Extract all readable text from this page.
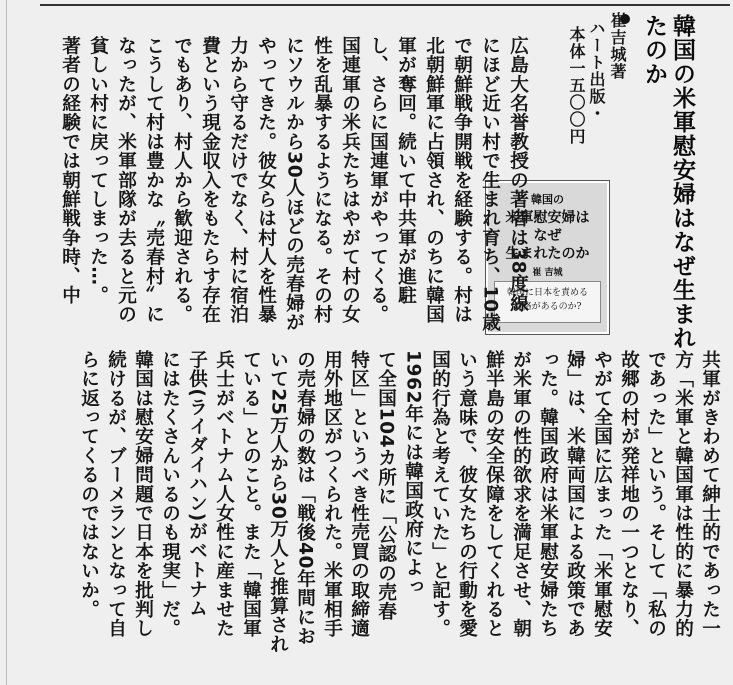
韓国の米軍慰安婦はなぜ生まれ
たのか
崔吉城著
ハート出版・
本体一五〇〇円
韓国の
米軍慰安婦は
なぜ
生まれたのか
崔 吉城
韓国に日本を責める
資格があるのか?
広島大名誉教授の著者は38度線
にほど近い村で生まれ育ち、10歳
で朝鮮戦争開戦を経験する。村は
北朝鮮軍に占領され、のちに韓国
軍が奪回。続いて中共軍が進駐
し、さらに国連軍がやってくる。
国連軍の米兵たちはやがて村の女
性を乱暴するようになる。その村
にソウルから30人ほどの売春婦が
やってきた。彼女らは村人を性暴
力から守るだけでなく、村に宿泊
費という現金収入をもたらす存在
でもあり、村人から歓迎される。
こうして村は豊かな〝売春村〟に
なったが、米軍部隊が去ると元の
貧しい村に戻ってしまった…。
著者の経験では朝鮮戦争時、中
共軍がきわめて紳士的であった一
方「米軍と韓国軍は性的に暴力的
であった」という。そして「私の
故郷の村が発祥地の一つとなり、
やがて全国に広まった「米軍慰安
婦」は、米韓両国による政策であ
った。韓国政府は米軍慰安婦たち
が米軍の性的欲求を満足させ、朝
鮮半島の安全保障をしてくれると
いう意味で、彼女たちの行動を愛
国的行為と考えていた」と記す。
1962年には韓国政府によっ
て全国104カ所に「公認の売春
特区」というべき性売買の取締適
用外地区がつくられた。米軍相手
の売春婦の数は「戦後40年間にお
いて25万人から30万人と推算され
ている」とのこと。また「韓国軍
兵士がベトナム人女性に産ませた
子供(ライダイハン)がベトナム
にはたくさんいるのも現実」だ。
韓国は慰安婦問題で日本を批判し
続けるが、ブーメランとなって自
らに返ってくるのではないか。
